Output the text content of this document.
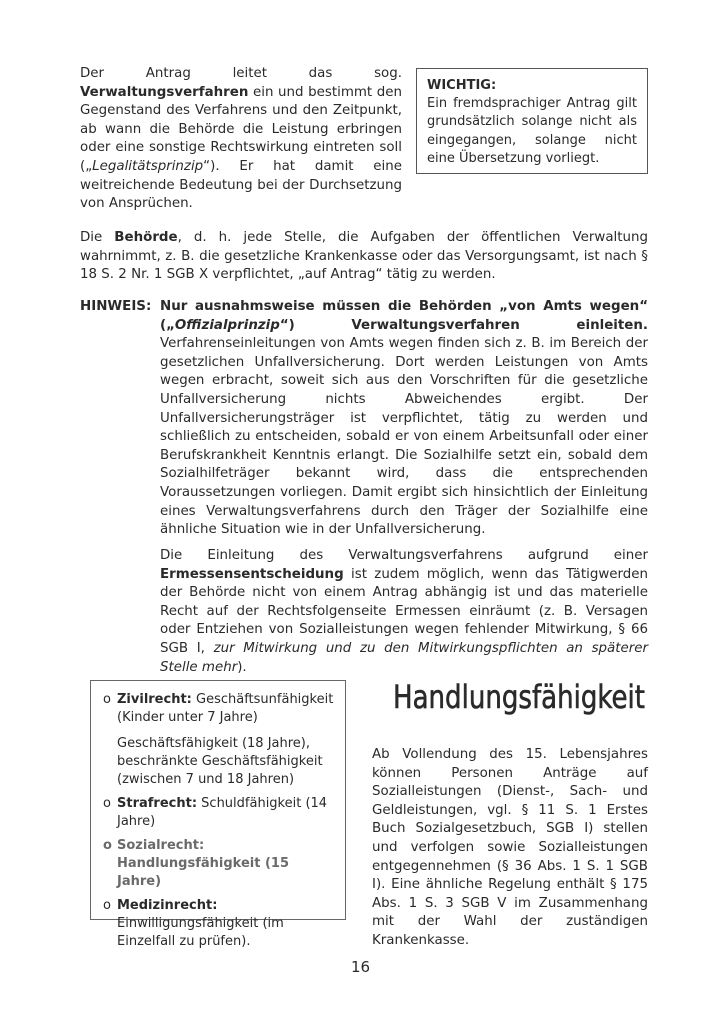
Der Antrag leitet das sog. Verwaltungsverfahren ein und bestimmt den Gegenstand des Verfahrens und den Zeitpunkt, ab wann die Behörde die Leistung erbringen oder eine sonstige Rechtswirkung eintreten soll („Legalitätsprinzip“). Er hat damit eine weitreichende Bedeutung bei der Durchsetzung von Ansprüchen.
WICHTIG:
Ein fremdsprachiger Antrag gilt grundsätzlich solange nicht als eingegangen, solange nicht eine Übersetzung vorliegt.
Die Behörde, d. h. jede Stelle, die Aufgaben der öffentlichen Verwaltung wahrnimmt, z. B. die gesetzliche Krankenkasse oder das Versorgungsamt, ist nach § 18 S. 2 Nr. 1 SGB X verpflichtet, „auf Antrag“ tätig zu werden.
HINWEIS: Nur ausnahmsweise müssen die Behörden „von Amts wegen“ („Offizialprinzip“) Verwaltungsverfahren einleiten. Verfahrenseinleitungen von Amts wegen finden sich z. B. im Bereich der gesetzlichen Unfallversicherung. Dort werden Leistungen von Amts wegen erbracht, soweit sich aus den Vorschriften für die gesetzliche Unfallversicherung nichts Abweichendes ergibt. Der Unfallversicherungsträger ist verpflichtet, tätig zu werden und schließlich zu entscheiden, sobald er von einem Arbeitsunfall oder einer Berufskrankheit Kenntnis erlangt. Die Sozialhilfe setzt ein, sobald dem Sozialhilfeträger bekannt wird, dass die entsprechenden Voraussetzungen vorliegen. Damit ergibt sich hinsichtlich der Einleitung eines Verwaltungsverfahrens durch den Träger der Sozialhilfe eine ähnliche Situation wie in der Unfallversicherung.
Die Einleitung des Verwaltungsverfahrens aufgrund einer Ermessensentscheidung ist zudem möglich, wenn das Tätigwerden der Behörde nicht von einem Antrag abhängig ist und das materielle Recht auf der Rechtsfolgenseite Ermessen einräumt (z. B. Versagen oder Entziehen von Sozialleistungen wegen fehlender Mitwirkung, § 66 SGB I, zur Mitwirkung und zu den Mitwirkungspflichten an späterer Stelle mehr).
o Zivilrecht: Geschäftsunfähigkeit (Kinder unter 7 Jahre)
Geschäftsfähigkeit (18 Jahre), beschränkte Geschäftsfähigkeit (zwischen 7 und 18 Jahren)
o Strafrecht: Schuldfähigkeit (14 Jahre)
o Sozialrecht: Handlungsfähigkeit (15 Jahre)
o Medizinrecht: Einwilligungsfähigkeit (im Einzelfall zu prüfen).
Handlungsfähigkeit
Ab Vollendung des 15. Lebensjahres können Personen Anträge auf Sozialleistungen (Dienst-, Sach- und Geldleistungen, vgl. § 11 S. 1 Erstes Buch Sozialgesetzbuch, SGB I) stellen und verfolgen sowie Sozialleistungen entgegennehmen (§ 36 Abs. 1 S. 1 SGB I). Eine ähnliche Regelung enthält § 175 Abs. 1 S. 3 SGB V im Zusammenhang mit der Wahl der zuständigen Krankenkasse.
16
